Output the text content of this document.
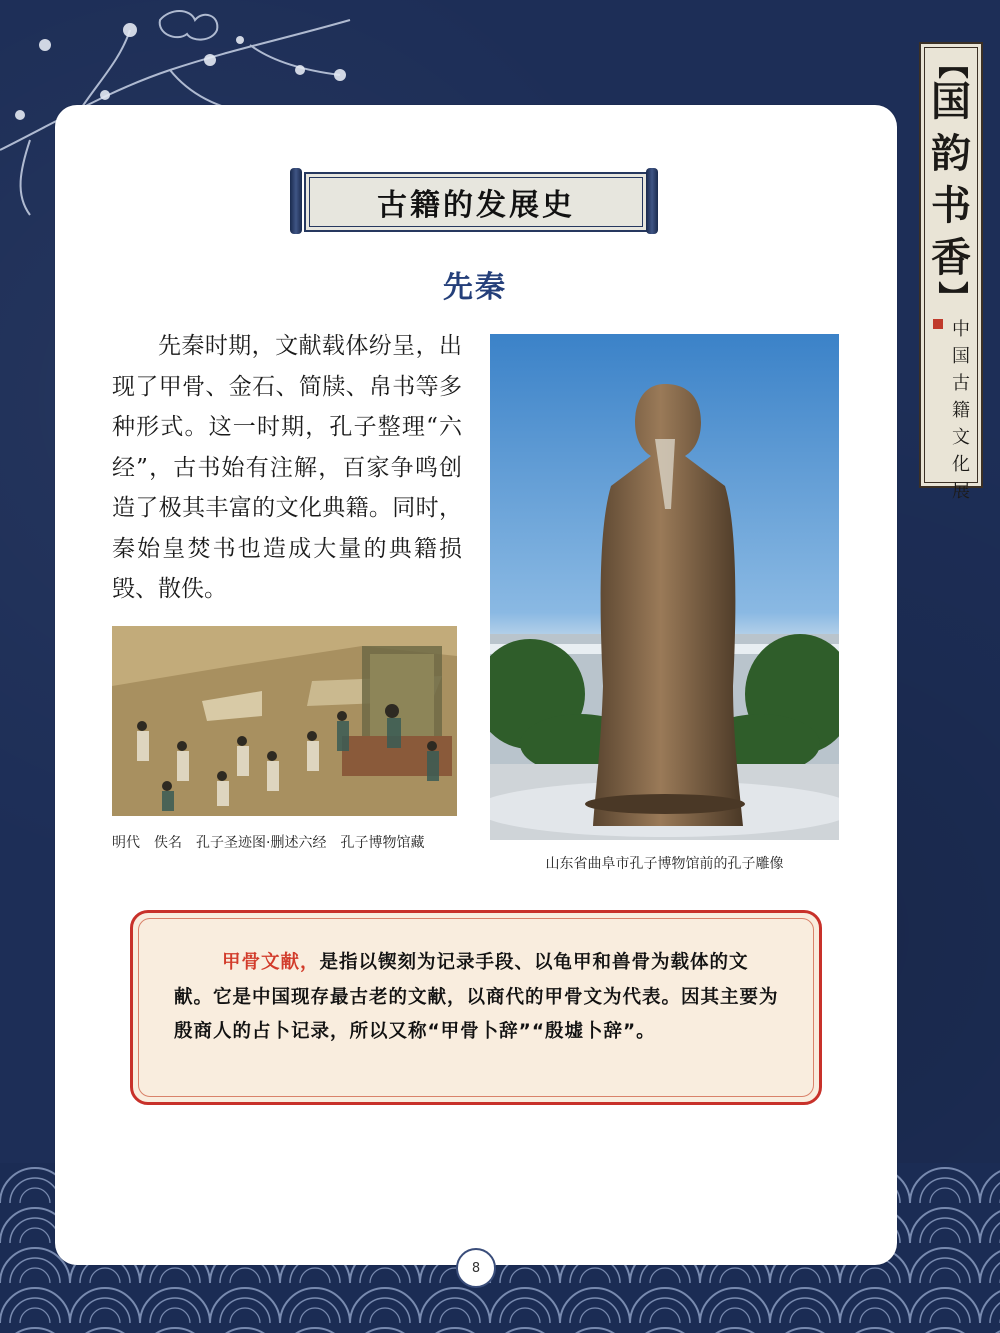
【
国
韵
书
香
】
中
国
古
籍
文
化
展
古籍的发展史
先秦

先秦时期，文献载体纷呈，出现了甲骨、金石、简牍、帛书等多种形式。这一时期，孔子整理“六经”，古书始有注解，百家争鸣创造了极其丰富的文化典籍。同时，秦始皇焚书也造成大量的典籍损毁、散佚。

明代　佚名　孔子圣迹图·删述六经　孔子博物馆藏

山东省曲阜市孔子博物馆前的孔子雕像

甲骨文献，是指以锲刻为记录手段、以龟甲和兽骨为载体的文献。它是中国现存最古老的文献，以商代的甲骨文为代表。因其主要为殷商人的占卜记录，所以又称“甲骨卜辞”“殷墟卜辞”。

8
